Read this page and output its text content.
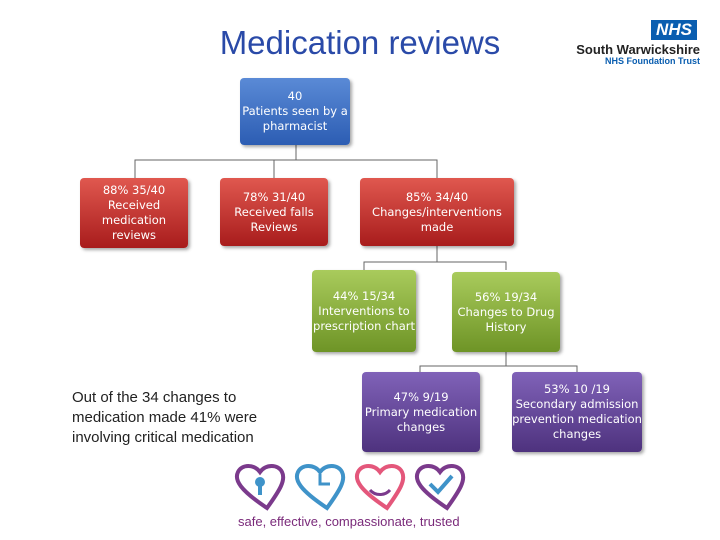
Medication reviews	NHS
South Warwickshire
NHS Foundation Trust
40
Patients seen by a pharmacist
88% 35/40
Received medication reviews
78% 31/40
Received falls Reviews
85% 34/40
Changes/interventions made
44% 15/34
Interventions to prescription chart
56% 19/34
Changes to Drug History
47% 9/19
Primary medication changes
53% 10 /19
Secondary admission prevention medication changes
Out of the 34 changes to medication made 41% were involving critical medication
safe, effective, compassionate, trusted
